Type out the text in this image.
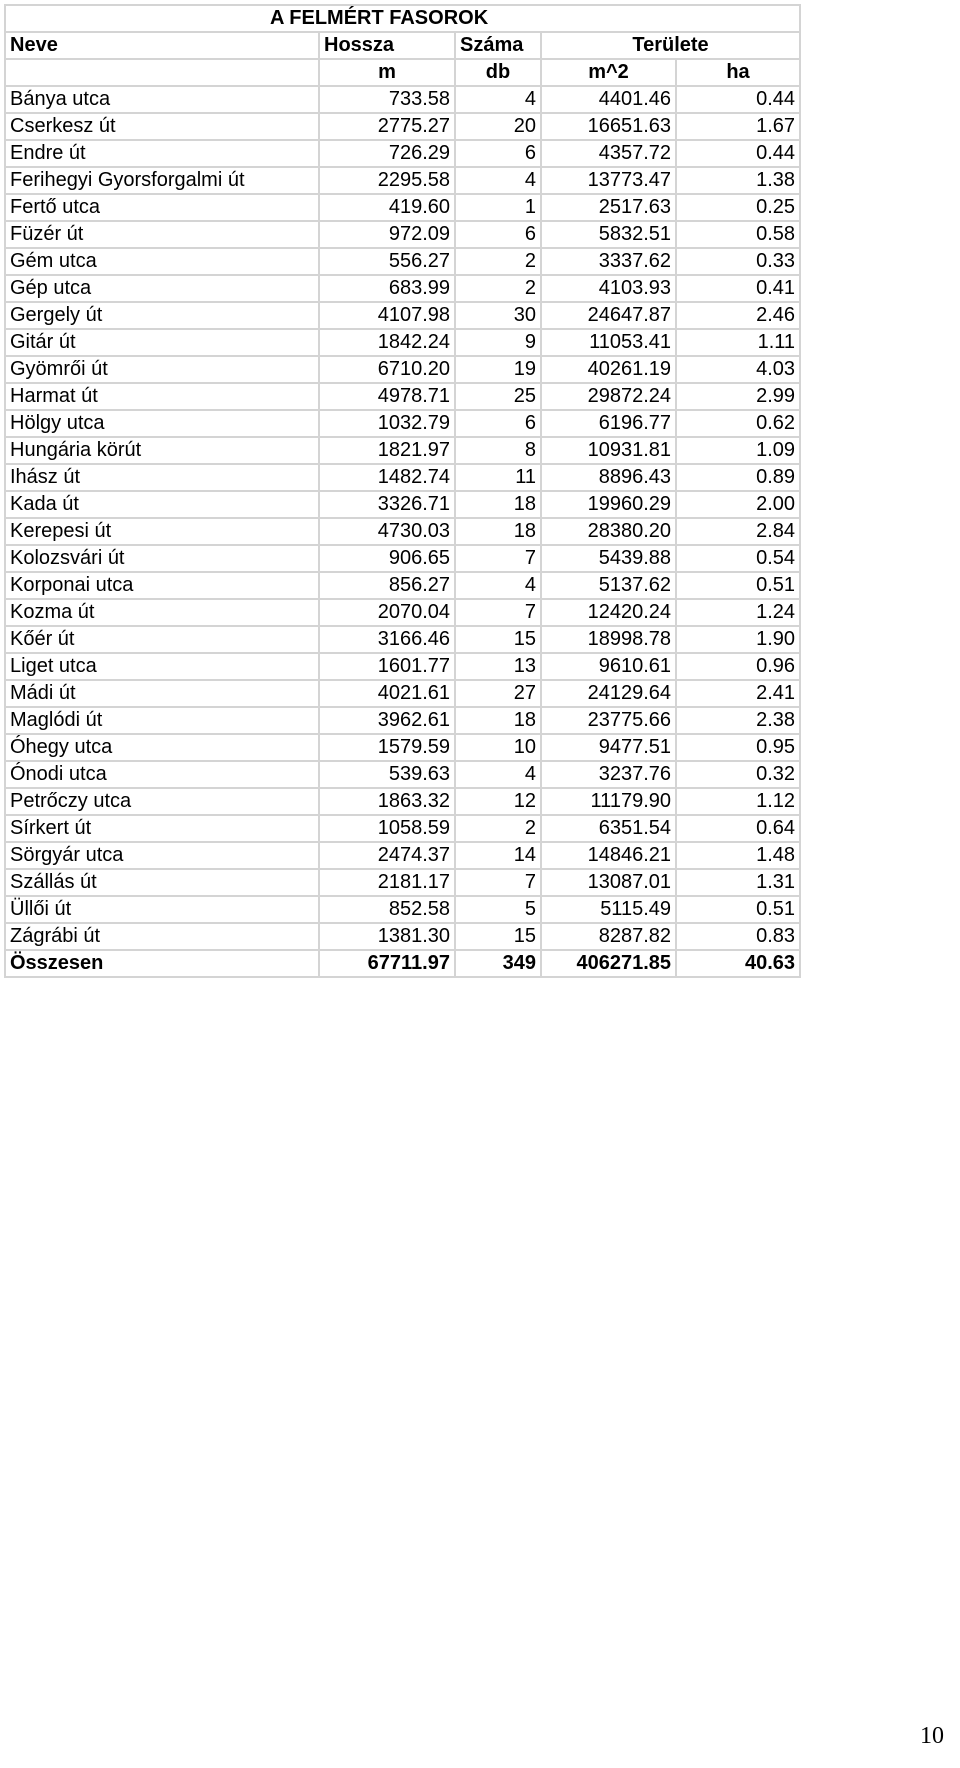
A FELMÉRT FASOROK				
Neve	Hossza	Száma	Területe	
	m	db	m^2	ha
Bánya utca	733.58	4	4401.46	0.44
Cserkesz út	2775.27	20	16651.63	1.67
Endre út	726.29	6	4357.72	0.44
Ferihegyi Gyorsforgalmi út	2295.58	4	13773.47	1.38
Fertő utca	419.60	1	2517.63	0.25
Füzér út	972.09	6	5832.51	0.58
Gém utca	556.27	2	3337.62	0.33
Gép utca	683.99	2	4103.93	0.41
Gergely út	4107.98	30	24647.87	2.46
Gitár út	1842.24	9	11053.41	1.11
Gyömrői út	6710.20	19	40261.19	4.03
Harmat út	4978.71	25	29872.24	2.99
Hölgy utca	1032.79	6	6196.77	0.62
Hungária körút	1821.97	8	10931.81	1.09
Ihász út	1482.74	11	8896.43	0.89
Kada út	3326.71	18	19960.29	2.00
Kerepesi út	4730.03	18	28380.20	2.84
Kolozsvári út	906.65	7	5439.88	0.54
Korponai utca	856.27	4	5137.62	0.51
Kozma út	2070.04	7	12420.24	1.24
Kőér út	3166.46	15	18998.78	1.90
Liget utca	1601.77	13	9610.61	0.96
Mádi út	4021.61	27	24129.64	2.41
Maglódi út	3962.61	18	23775.66	2.38
Óhegy utca	1579.59	10	9477.51	0.95
Ónodi utca	539.63	4	3237.76	0.32
Petrőczy utca	1863.32	12	11179.90	1.12
Sírkert út	1058.59	2	6351.54	0.64
Sörgyár utca	2474.37	14	14846.21	1.48
Szállás út	2181.17	7	13087.01	1.31
Üllői út	852.58	5	5115.49	0.51
Zágrábi út	1381.30	15	8287.82	0.83
Összesen	67711.97	349	406271.85	40.63
10
